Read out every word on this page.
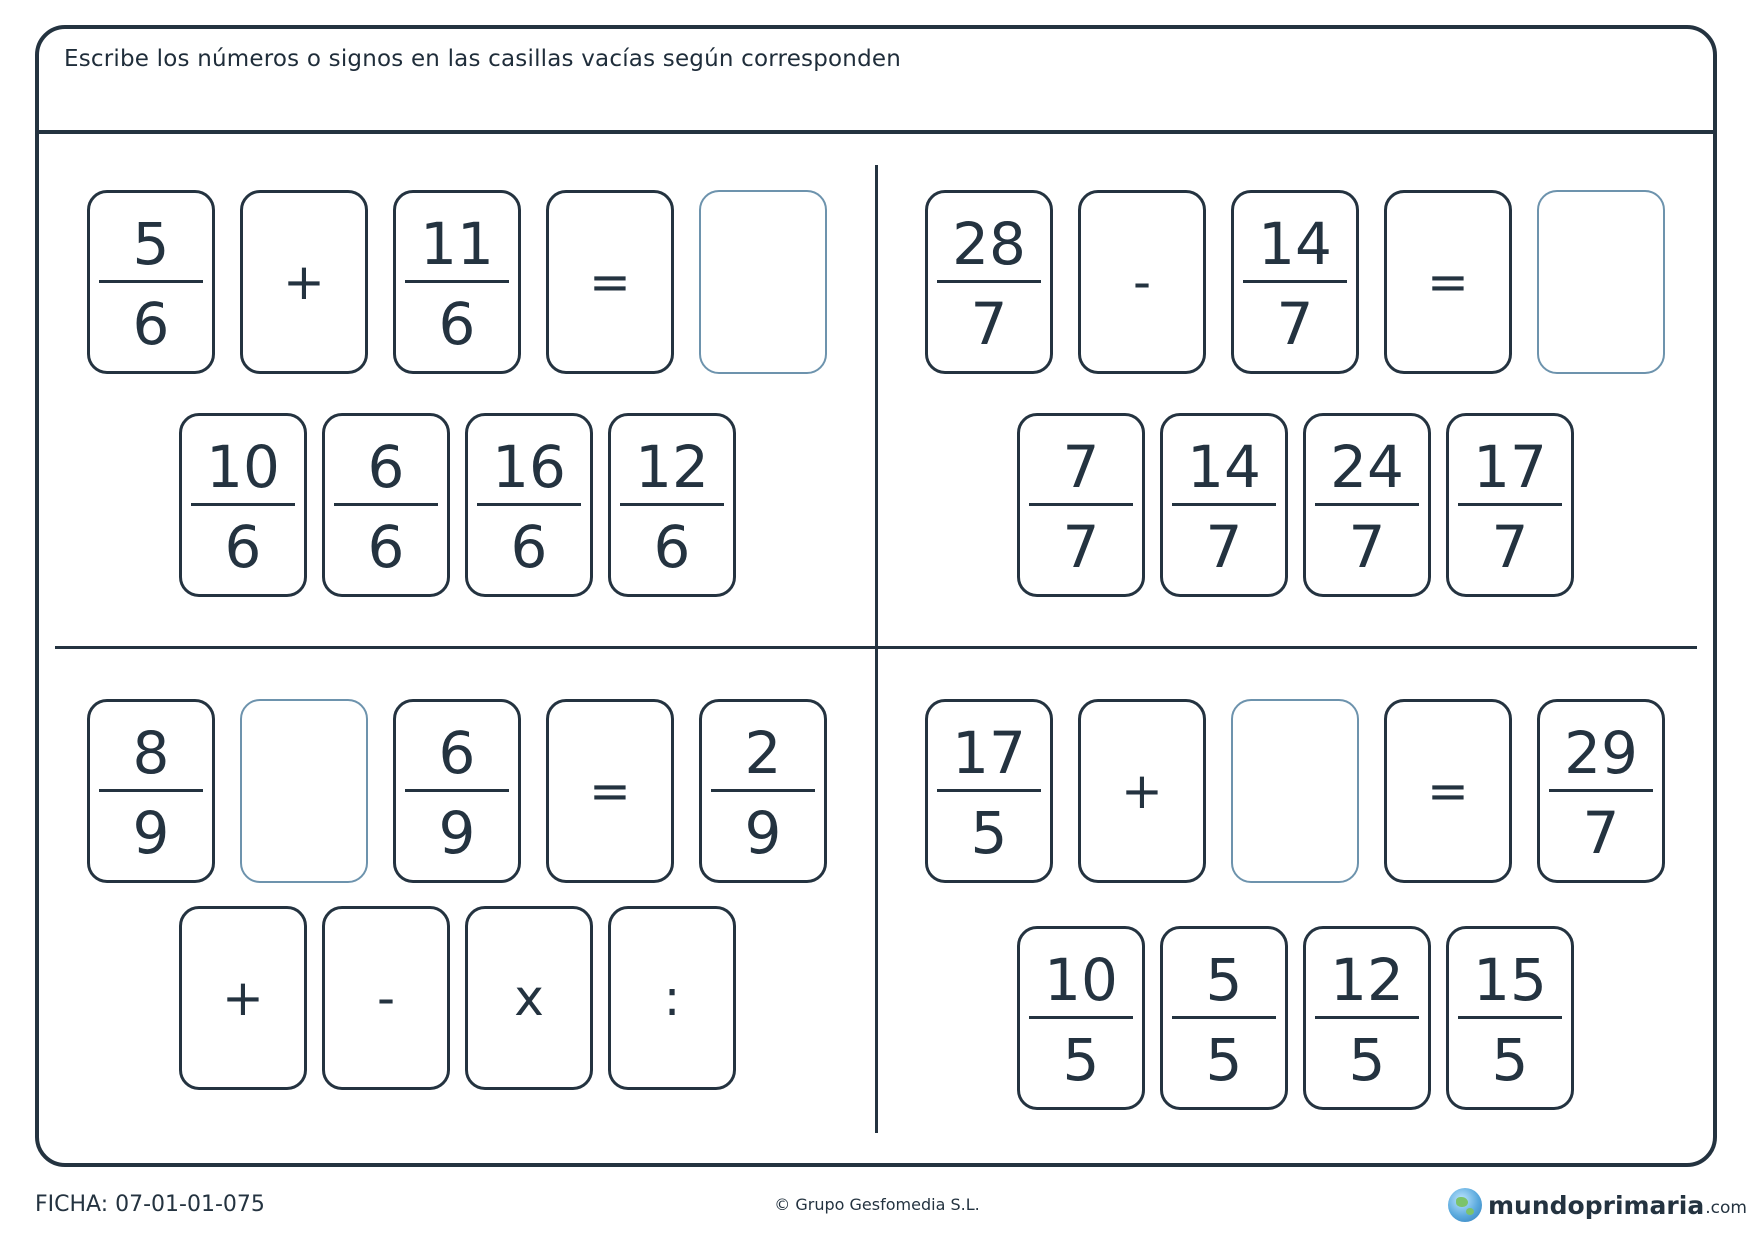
Escribe los números o signos en las casillas vacías según corresponden
5
6
+
11
6
=
10
6
6
6
16
6
12
6
28
7
-
14
7
=
7
7
14
7
24
7
17
7
8
9
6
9
=
2
9
+ - x :
17
5
+	=
29
7
10
5
5
5
12
5
15
5
FICHA: 07-01-01-075	© Grupo Gesfomedia S.L.	mundoprimaria .com
